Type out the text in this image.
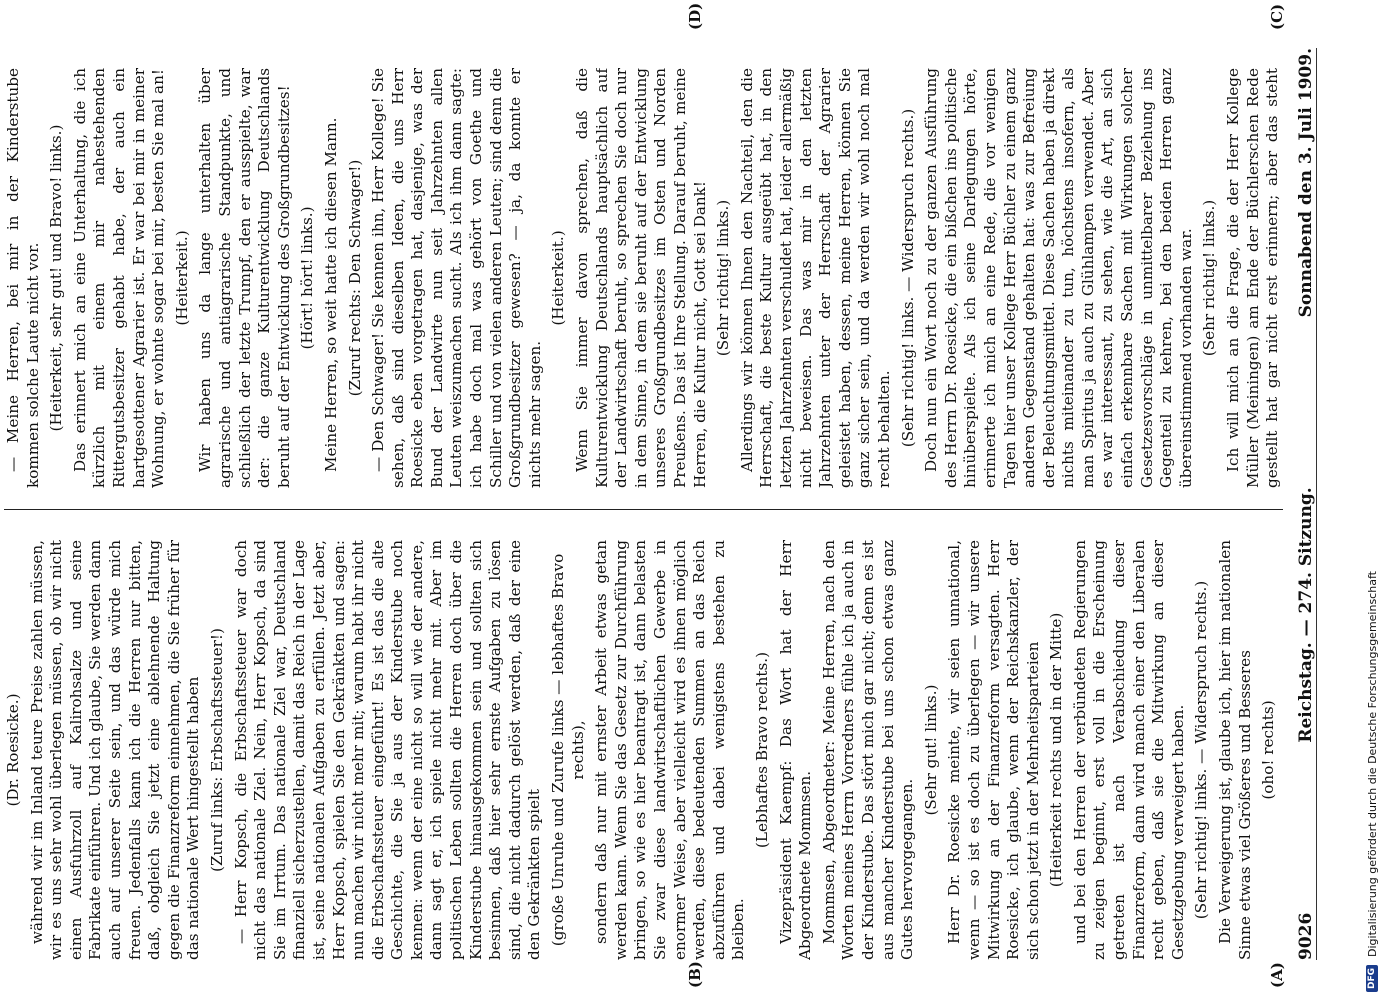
9026
Reichstag. — 274. Sitzung.
Sonnabend den 3. Juli 1909.
(A)
(B)
(C)
(D)

(Dr. Roesicke.) während wir im Inland teure Preise zahlen müssen, wir es uns sehr wohl überlegen müssen, ob wir nicht einen Ausfuhrzoll auf Kalirohsalze und seine Fabrikate einführen. Und ich glaube, Sie werden dann auch auf unserer Seite sein, und das würde mich freuen. Jedenfalls kann ich die Herren nur bitten, daß, obgleich Sie jetzt eine ablehnende Haltung gegen die Finanzreform einnehmen, die Sie früher für das nationale Wert hingestellt haben (Zuruf links: Erbschaftssteuer!) — Herr Kopsch, die Erbschaftssteuer war doch nicht das nationale Ziel. Nein, Herr Kopsch, da sind Sie im Irrtum. Das nationale Ziel war, Deutschland finanziell sicherzustellen, damit das Reich in der Lage ist, seine nationalen Aufgaben zu erfüllen. Jetzt aber, Herr Kopsch, spielen Sie den Gekränkten und sagen: nun machen wir nicht mehr mit; warum habt ihr nicht die Erbschaftssteuer eingeführt! Es ist das die alte Geschichte, die Sie ja aus der Kinderstube noch kennen: wenn der eine nicht so will wie der andere, dann sagt er, ich spiele nicht mehr mit. Aber im politischen Leben sollten die Herren doch über die Kinderstube hinausgekommen sein und sollten sich besinnen, daß hier sehr ernste Aufgaben zu lösen sind, die nicht dadurch gelöst werden, daß der eine den Gekränkten spielt (große Unruhe und Zurufe links — lebhaftes Bravo rechts), sondern daß nur mit ernster Arbeit etwas getan werden kann. Wenn Sie das Gesetz zur Durchführung bringen, so wie es hier beantragt ist, dann belasten Sie zwar diese landwirtschaftlichen Gewerbe in enormer Weise, aber vielleicht wird es ihnen möglich werden, diese bedeutenden Summen an das Reich abzuführen und dabei wenigstens bestehen zu bleiben.

(Lebhaftes Bravo rechts.) Vizepräsident Kaempf: Das Wort hat der Herr Abgeordnete Mommsen. Mommsen, Abgeordneter: Meine Herren, nach den Worten meines Herrn Vorredners fühle ich ja auch in der Kinderstube. Das stört mich gar nicht; denn es ist aus mancher Kinderstube bei uns schon etwas ganz Gutes hervorgegangen.

(Sehr gut! links.) Herr Dr. Roesicke meinte, wir seien unnational, wenn — so ist es doch zu überlegen — wir unsere Mitwirkung an der Finanzreform versagten. Herr Roesicke, ich glaube, wenn der Reichskanzler, der sich schon jetzt in der Mehrheitsparteien (Heiterkeit rechts und in der Mitte) und bei den Herren der verbündeten Regierungen zu zeigen beginnt, erst voll in die Erscheinung getreten ist nach Verabschiedung dieser Finanzreform, dann wird manch einer den Liberalen recht geben, daß sie die Mitwirkung an dieser Gesetzgebung verweigert haben. (Sehr richtig! links. — Widerspruch rechts.) Die Verweigerung ist, glaube ich, hier im nationalen Sinne etwas viel Größeres und Besseres (oho! rechts)

— Meine Herren, bei mir in der Kinderstube kommen solche Laute nicht vor. (Heiterkeit, sehr gut! und Bravo! links.) Das erinnert mich an eine Unterhaltung, die ich kürzlich mit einem mir nahestehenden Rittergutsbesitzer gehabt habe, der auch ein hartgesottener Agrarier ist. Er war bei mir in meiner Wohnung, er wohnte sogar bei mir, besten Sie mal an! (Heiterkeit.) Wir haben uns da lange unterhalten über agrarische und antiagrarische Standpunkte, und schließlich der letzte Trumpf, den er ausspielte, war der: die ganze Kulturentwicklung Deutschlands beruht auf der Entwicklung des Großgrundbesitzes! (Hört! hört! links.) Meine Herren, so weit hatte ich diesen Mann. (Zuruf rechts: Den Schwager!) — Den Schwager! Sie kennen ihn, Herr Kollege! Sie sehen, daß sind dieselben Ideen, die uns Herr Roesicke eben vorgetragen hat, dasjenige, was der Bund der Landwirte nun seit Jahrzehnten allen Leuten weiszumachen sucht. Als ich ihm dann sagte: ich habe doch mal was gehört von Goethe und Schiller und von vielen anderen Leuten; sind denn die Großgrundbesitzer gewesen? — ja, da konnte er nichts mehr sagen.

(Heiterkeit.) Wenn Sie immer davon sprechen, daß die Kulturentwicklung Deutschlands hauptsächlich auf der Landwirtschaft beruht, so sprechen Sie doch nur in dem Sinne, in dem sie beruht auf der Entwicklung unseres Großgrundbesitzes im Osten und Norden Preußens. Das ist Ihre Stellung. Darauf beruht, meine Herren, die Kultur nicht, Gott sei Dank! (Sehr richtig! links.) Allerdings wir können Ihnen den Nachteil, den die Herrschaft, die beste Kultur ausgeübt hat, in den letzten Jahrzehnten verschuldet hat, leider allermäßig nicht beweisen. Das was mir in den letzten Jahrzehnten unter der Herrschaft der Agrarier geleistet haben, dessen, meine Herren, können Sie ganz sicher sein, und da werden wir wohl noch mal recht behalten. (Sehr richtig! links. — Widerspruch rechts.) Doch nun ein Wort noch zu der ganzen Ausführung des Herrn Dr. Roesicke, die ein bißchen ins politische hinüberspielte. Als ich seine Darlegungen hörte, erinnerte ich mich an eine Rede, die vor wenigen Tagen hier unser Kollege Herr Büchler zu einem ganz anderen Gegenstand gehalten hat: was zur Befreiung der Beleuchtungsmittel. Diese Sachen haben ja direkt nichts miteinander zu tun, höchstens insofern, als man Spiritus ja auch zu Glühlampen verwendet. Aber es war interessant, zu sehen, wie die Art, an sich einfach erkennbare Sachen mit Wirkungen solcher Gesetzesvorschläge in unmittelbarer Beziehung ins Gegenteil zu kehren, bei den beiden Herren ganz übereinstimmend vorhanden war. (Sehr richtig! links.)

Ich will mich an die Frage, die der Herr Kollege Müller (Meiningen) am Ende der Büchlerschen Rede gestellt hat gar nicht erst erinnern; aber das steht

DFG
Digitalisierung gefördert durch die Deutsche Forschungsgemeinschaft
